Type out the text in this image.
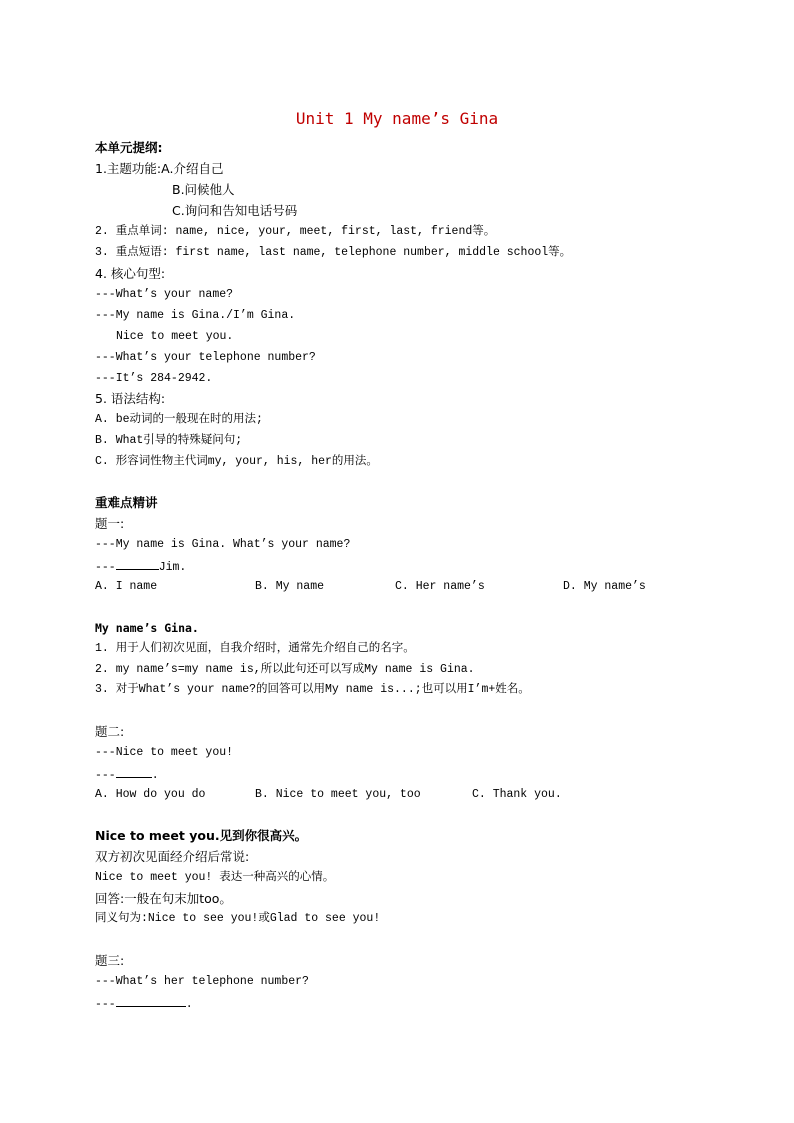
Unit 1 My name’s Gina
本单元提纲:
1.主题功能:A.介绍自己
B.问候他人
C.询问和告知电话号码
2. 重点单词: name, nice, your, meet, first, last, friend等。
3. 重点短语: first name, last name, telephone number, middle school等。
4. 核心句型:
---What’s your name?
---My name is Gina./I’m Gina.
Nice to meet you.
---What’s your telephone number?
---It’s 284-2942.
5. 语法结构:
A. be动词的一般现在时的用法;
B. What引导的特殊疑问句;
C. 形容词性物主代词my, your, his, her的用法。
重难点精讲
题一:
---My name is Gina. What’s your name?
---	Jim.
A. I name	B. My name	C. Her name’s	D. My name’s
My name’s Gina.
1. 用于人们初次见面，自我介绍时，通常先介绍自己的名字。
2. my name’s=my name is,所以此句还可以写成My name is Gina.
3. 对于What’s your name?的回答可以用My name is...;也可以用I’m+姓名。
题二:
---Nice to meet you!
---	.
A. How do you do	B. Nice to meet you, too	C. Thank you.
Nice to meet you.见到你很高兴。
双方初次见面经介绍后常说:
Nice to meet you! 表达一种高兴的心情。
回答:一般在句末加too。
同义句为:Nice to see you!或Glad to see you!
题三:
---What’s her telephone number?
---	.
